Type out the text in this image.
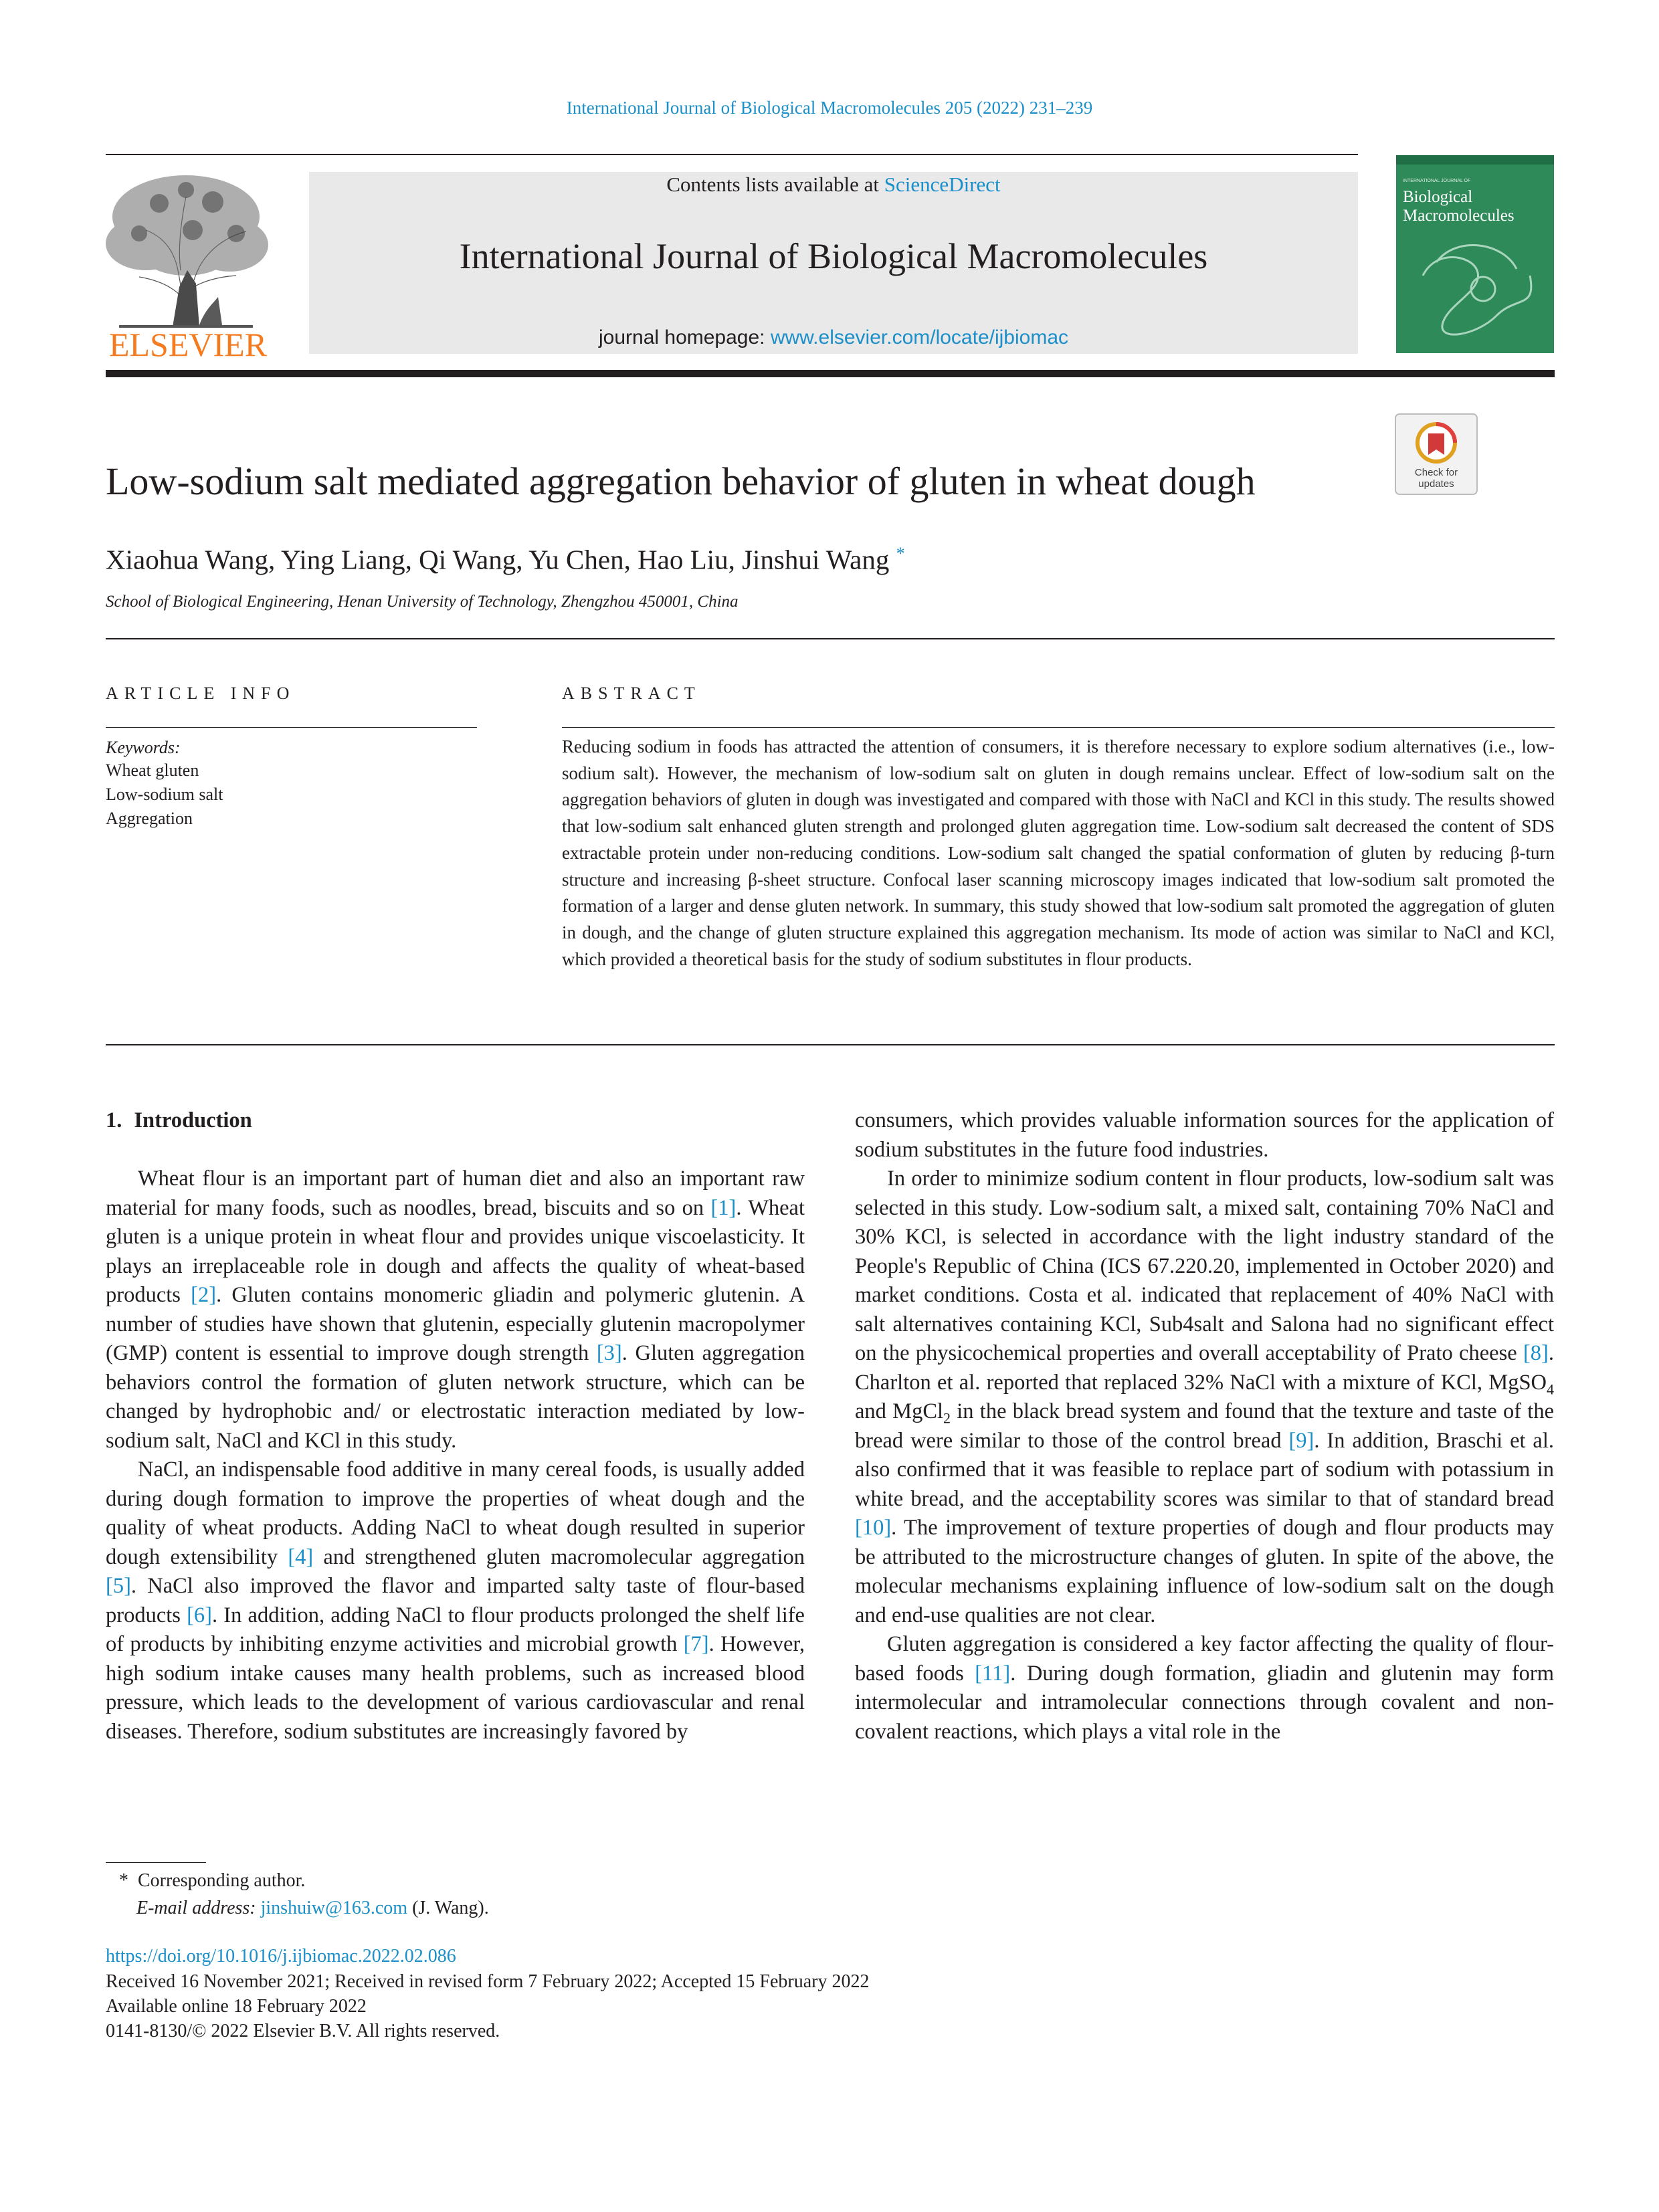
International Journal of Biological Macromolecules 205 (2022) 231–239
ELSEVIER
Contents lists available at ScienceDirect
International Journal of Biological Macromolecules
journal homepage: www.elsevier.com/locate/ijbiomac
INTERNATIONAL JOURNAL OF
Biological
Macromolecules
Low-sodium salt mediated aggregation behavior of gluten in wheat dough	Check for
updates
Xiaohua Wang, Ying Liang, Qi Wang, Yu Chen, Hao Liu, Jinshui Wang *
School of Biological Engineering, Henan University of Technology, Zhengzhou 450001, China
ARTICLE INFO
Keywords:
Wheat gluten
Low-sodium salt
Aggregation
ABSTRACT
Reducing sodium in foods has attracted the attention of consumers, it is therefore necessary to explore sodium alternatives (i.e., low-sodium salt). However, the mechanism of low-sodium salt on gluten in dough remains unclear. Effect of low-sodium salt on the aggregation behaviors of gluten in dough was investigated and compared with those with NaCl and KCl in this study. The results showed that low-sodium salt enhanced gluten strength and prolonged gluten aggregation time. Low-sodium salt decreased the content of SDS extractable protein under non-reducing conditions. Low-sodium salt changed the spatial conformation of gluten by reducing β-turn structure and increasing β-sheet structure. Confocal laser scanning microscopy images indicated that low-sodium salt promoted the formation of a larger and dense gluten network. In summary, this study showed that low-sodium salt promoted the aggregation of gluten in dough, and the change of gluten structure explained this aggregation mechanism. Its mode of action was similar to NaCl and KCl, which provided a theoretical basis for the study of sodium substitutes in flour products.
1. Introduction

Wheat flour is an important part of human diet and also an important raw material for many foods, such as noodles, bread, biscuits and so on [1]. Wheat gluten is a unique protein in wheat flour and provides unique viscoelasticity. It plays an irreplaceable role in dough and affects the quality of wheat-based products [2]. Gluten contains monomeric gliadin and polymeric glutenin. A number of studies have shown that glutenin, especially glutenin macropolymer (GMP) content is essential to improve dough strength [3]. Gluten aggregation behaviors control the formation of gluten network structure, which can be changed by hydrophobic and/ or electrostatic interaction mediated by low-sodium salt, NaCl and KCl in this study.

NaCl, an indispensable food additive in many cereal foods, is usually added during dough formation to improve the properties of wheat dough and the quality of wheat products. Adding NaCl to wheat dough resulted in superior dough extensibility [4] and strengthened gluten macromolecular aggregation [5]. NaCl also improved the flavor and imparted salty taste of flour-based products [6]. In addition, adding NaCl to flour products prolonged the shelf life of products by inhibiting enzyme activities and microbial growth [7]. However, high sodium intake causes many health problems, such as increased blood pressure, which leads to the development of various cardiovascular and renal diseases. Therefore, sodium substitutes are increasingly favored by

consumers, which provides valuable information sources for the application of sodium substitutes in the future food industries.

In order to minimize sodium content in flour products, low-sodium salt was selected in this study. Low-sodium salt, a mixed salt, containing 70% NaCl and 30% KCl, is selected in accordance with the light industry standard of the People's Republic of China (ICS 67.220.20, implemented in October 2020) and market conditions. Costa et al. indicated that replacement of 40% NaCl with salt alternatives containing KCl, Sub4salt and Salona had no significant effect on the physicochemical properties and overall acceptability of Prato cheese [8]. Charlton et al. reported that replaced 32% NaCl with a mixture of KCl, MgSO$_4$ and MgCl$_2$ in the black bread system and found that the texture and taste of the bread were similar to those of the control bread [9]. In addition, Braschi et al. also confirmed that it was feasible to replace part of sodium with potassium in white bread, and the acceptability scores was similar to that of standard bread [10]. The improvement of texture properties of dough and flour products may be attributed to the microstructure changes of gluten. In spite of the above, the molecular mechanisms explaining influence of low-sodium salt on the dough and end-use qualities are not clear.

Gluten aggregation is considered a key factor affecting the quality of flour-based foods [11]. During dough formation, gliadin and glutenin may form intermolecular and intramolecular connections through covalent and non-covalent reactions, which plays a vital role in the

* Corresponding author.
E-mail address: jinshuiw@163.com (J. Wang).
https://doi.org/10.1016/j.ijbiomac.2022.02.086
Received 16 November 2021; Received in revised form 7 February 2022; Accepted 15 February 2022
Available online 18 February 2022
0141-8130/© 2022 Elsevier B.V. All rights reserved.
